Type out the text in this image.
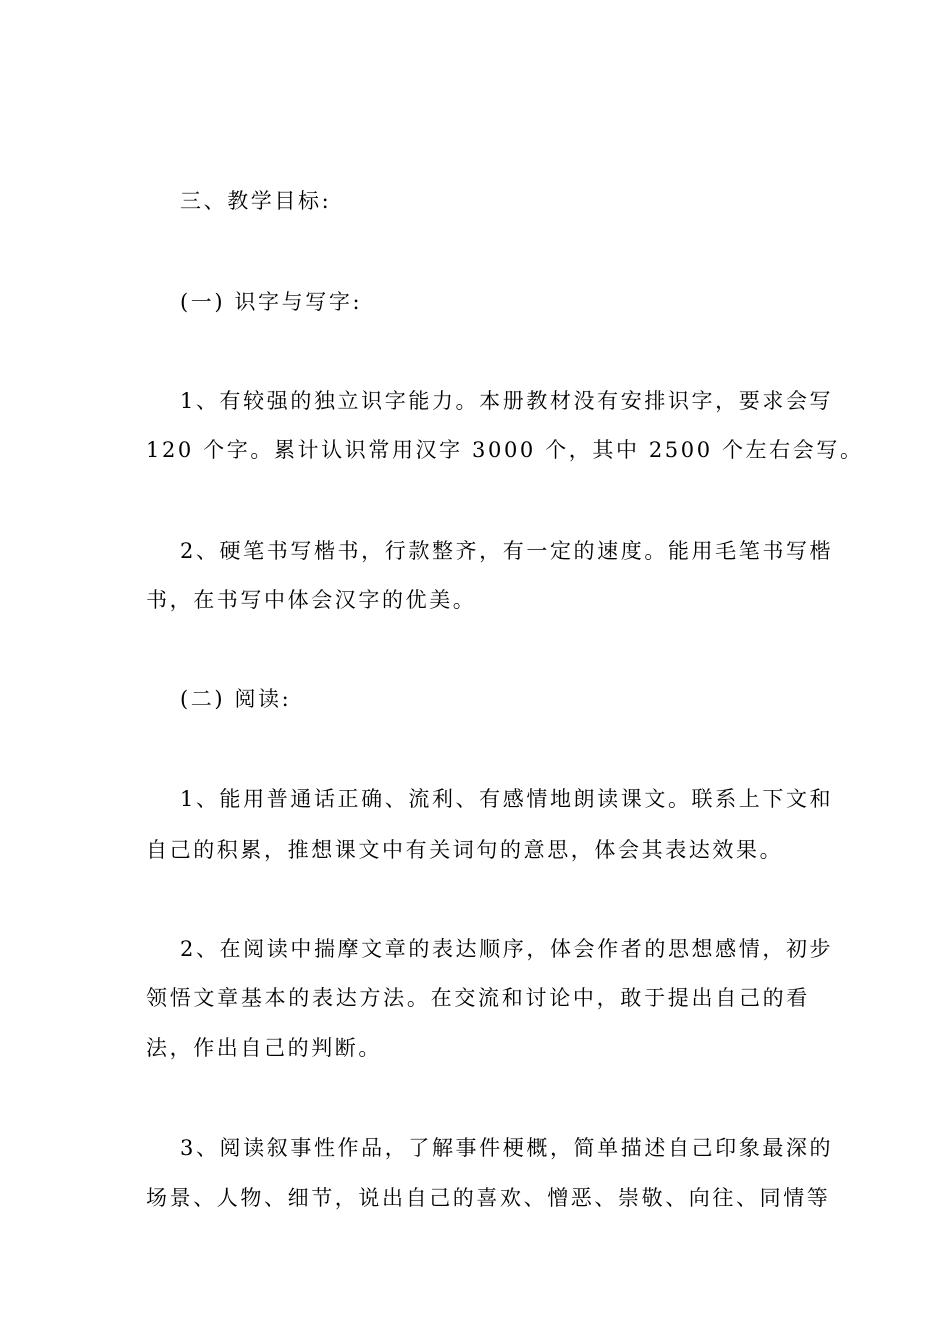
三、教学目标:
(一) 识字与写字:
1、有较强的独立识字能力。本册教材没有安排识字，要求会写
120 个字。累计认识常用汉字 3000 个，其中 2500 个左右会写。
2、硬笔书写楷书，行款整齐，有一定的速度。能用毛笔书写楷
书，在书写中体会汉字的优美。
(二) 阅读:
1、能用普通话正确、流利、有感情地朗读课文。联系上下文和
自己的积累，推想课文中有关词句的意思，体会其表达效果。
2、在阅读中揣摩文章的表达顺序，体会作者的思想感情，初步
领悟文章基本的表达方法。在交流和讨论中，敢于提出自己的看
法，作出自己的判断。
3、阅读叙事性作品，了解事件梗概，简单描述自己印象最深的
场景、人物、细节，说出自己的喜欢、憎恶、崇敬、向往、同情等
